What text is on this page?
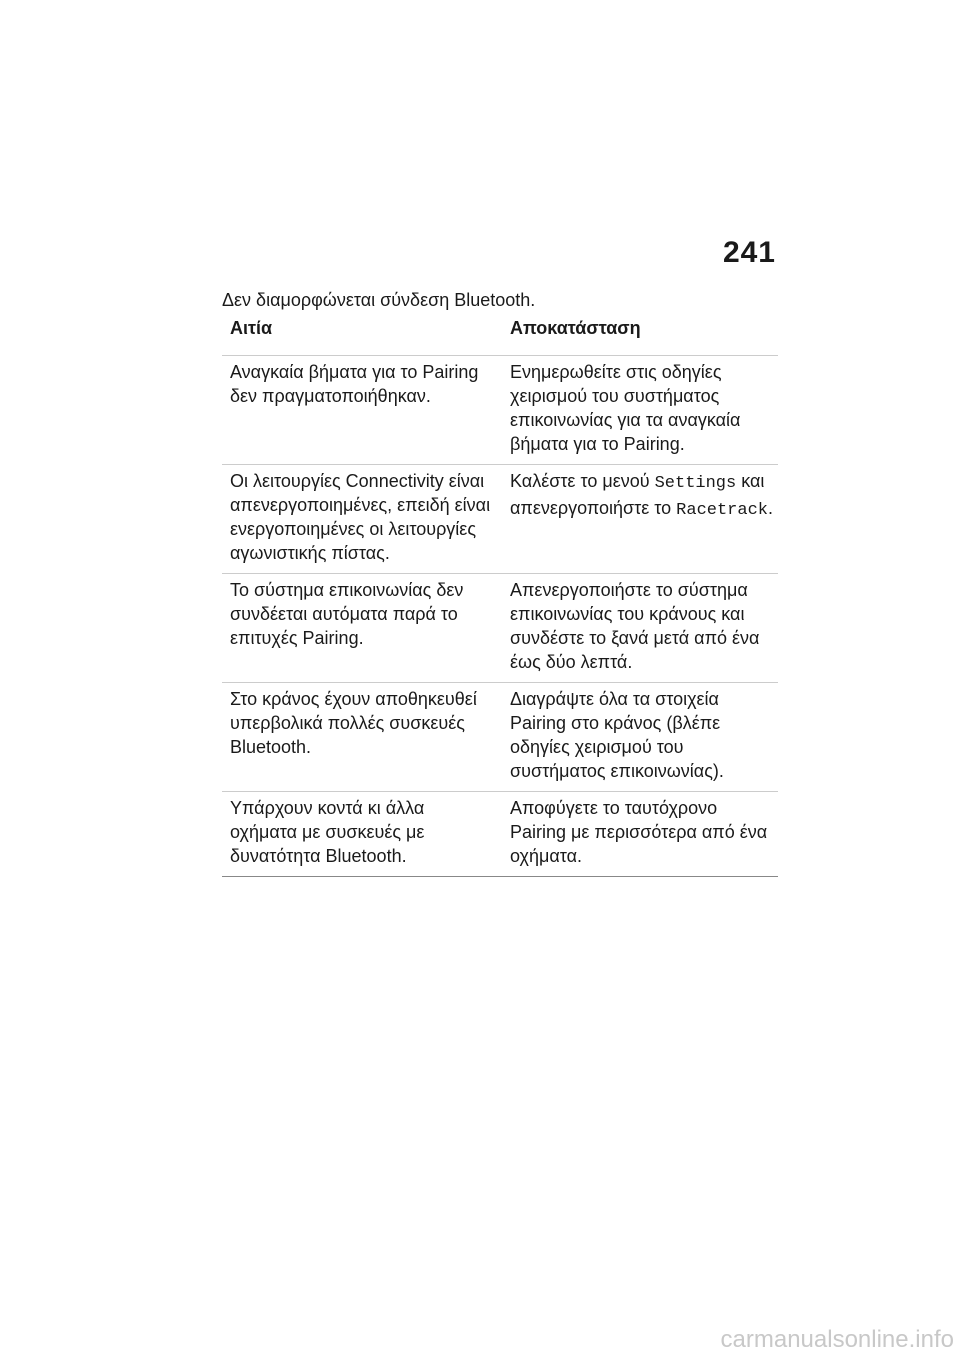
241
Δεν διαμορφώνεται σύνδεση Bluetooth.
Αιτία	Αποκατάσταση
Αναγκαία βήματα για το Pairing δεν πραγματοποιήθηκαν.
Ενημερωθείτε στις οδηγίες χειρισμού του συστήματος επικοινωνίας για τα αναγκαία βήματα για το Pairing.
Οι λειτουργίες Connectivity είναι απενεργοποιημένες, επειδή είναι ενεργοποιημένες οι λειτουργίες αγωνιστικής πίστας.
Καλέστε το μενού Settings και απενεργοποιήστε το Racetrack.
Το σύστημα επικοινωνίας δεν συνδέεται αυτόματα παρά το επιτυχές Pairing.
Απενεργοποιήστε το σύστημα επικοινωνίας του κράνους και συνδέστε το ξανά μετά από ένα έως δύο λεπτά.
Στο κράνος έχουν αποθηκευθεί υπερβολικά πολλές συσκευές Bluetooth.
Διαγράψτε όλα τα στοιχεία Pairing στο κράνος (βλέπε οδηγίες χειρισμού του συστήματος επικοινωνίας).
Υπάρχουν κοντά κι άλλα οχήματα με συσκευές με δυνατότητα Bluetooth.
Αποφύγετε το ταυτόχρονο Pairing με περισσότερα από ένα οχήματα.
carmanualsonline.info
